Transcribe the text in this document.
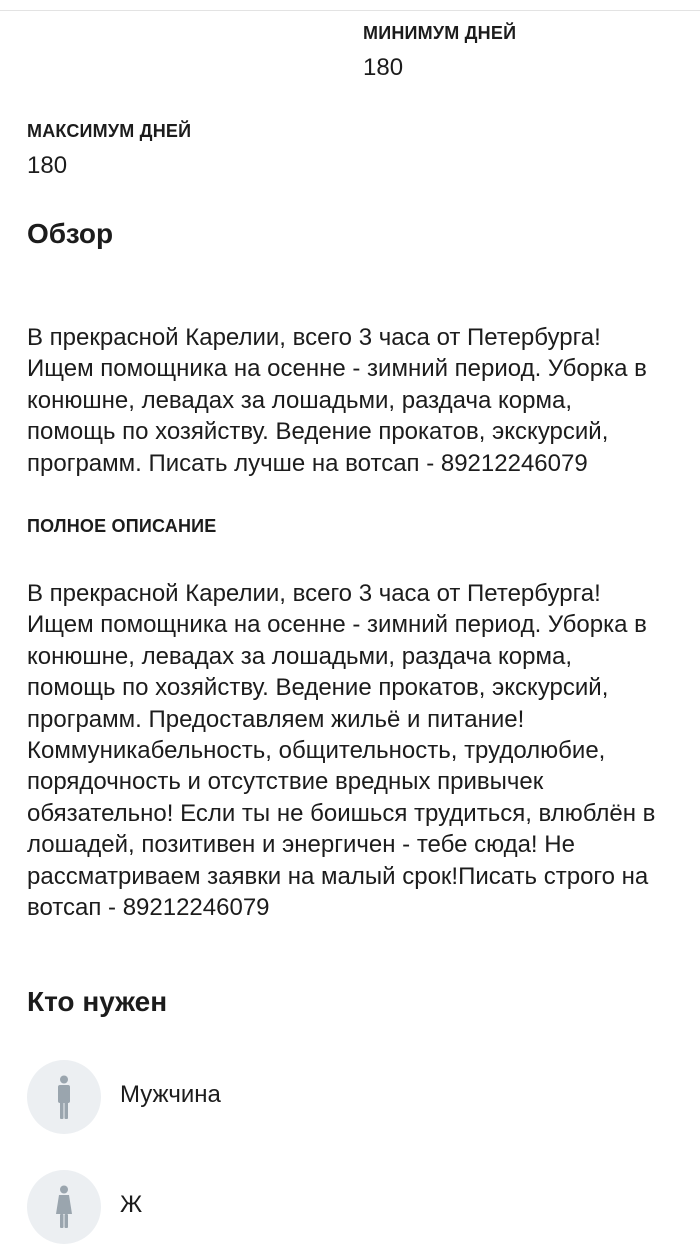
МИНИМУМ ДНЕЙ
180
МАКСИМУМ ДНЕЙ
180
Обзор
В прекрасной Карелии, всего 3 часа от Петербурга!
Ищем помощника на осенне - зимний период. Уборка в
конюшне, левадах за лошадьми, раздача корма,
помощь по хозяйству. Ведение прокатов, экскурсий,
программ. Писать лучше на вотсап - 89212246079
ПОЛНОЕ ОПИСАНИЕ
В прекрасной Карелии, всего 3 часа от Петербурга!
Ищем помощника на осенне - зимний период. Уборка в
конюшне, левадах за лошадьми, раздача корма,
помощь по хозяйству. Ведение прокатов, экскурсий,
программ. Предоставляем жильё и питание!
Коммуникабельность, общительность, трудолюбие,
порядочность и отсутствие вредных привычек
обязательно! Если ты не боишься трудиться, влюблён в
лошадей, позитивен и энергичен - тебе сюда! Не
рассматриваем заявки на малый срок!Писать строго на
вотсап - 89212246079
Кто нужен
Мужчина
Ж
